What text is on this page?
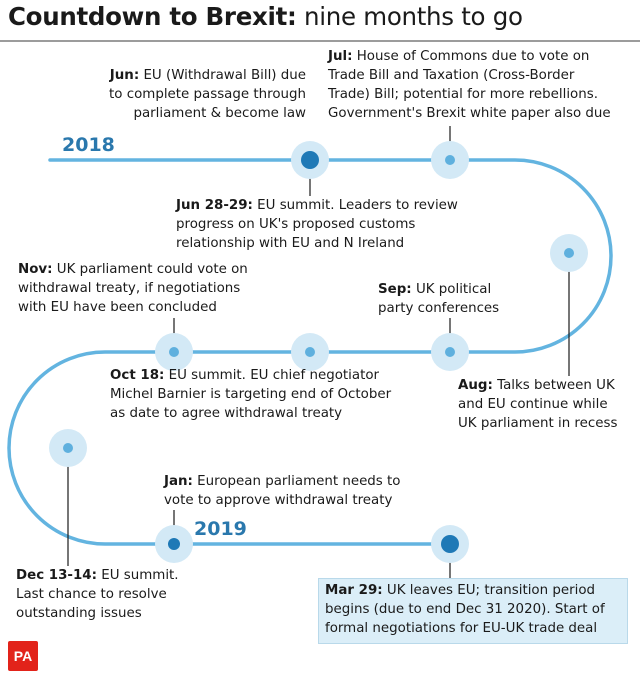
Countdown to Brexit: nine months to go
2018
2019
Jun: EU (Withdrawal Bill) due
to complete passage through
parliament & become law
Jul: House of Commons due to vote on
Trade Bill and Taxation (Cross-Border
Trade) Bill; potential for more rebellions.
Government's Brexit white paper also due
Jun 28-29: EU summit. Leaders to review
progress on UK's proposed customs
relationship with EU and N Ireland
Nov: UK parliament could vote on
withdrawal treaty, if negotiations
with EU have been concluded
Sep: UK political
party conferences
Aug: Talks between UK
and EU continue while
UK parliament in recess
Oct 18: EU summit. EU chief negotiator
Michel Barnier is targeting end of October
as date to agree withdrawal treaty
Jan: European parliament needs to
vote to approve withdrawal treaty
Dec 13-14: EU summit.
Last chance to resolve
outstanding issues
Mar 29: UK leaves EU; transition period
begins (due to end Dec 31 2020). Start of
formal negotiations for EU-UK trade deal
PA
